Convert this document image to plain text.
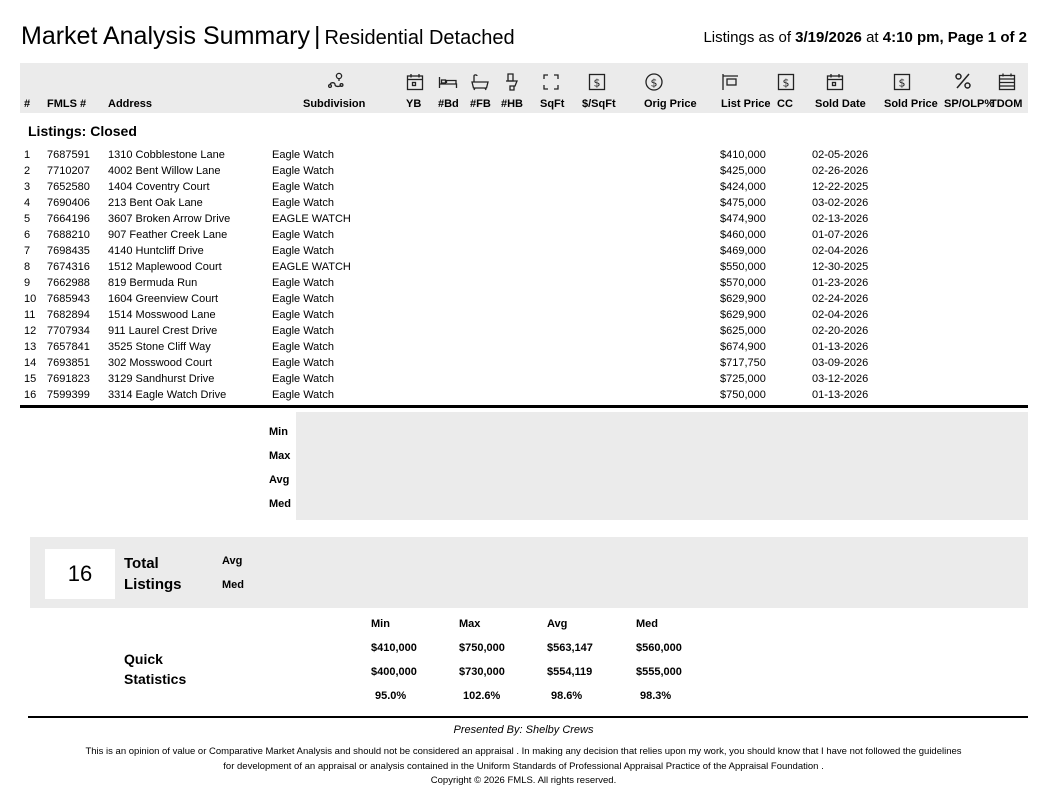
Market Analysis Summary | Residential Detached	Listings as of 3/19/2026 at 4:10 pm, Page 1 of 2
$	$	$	$
# FMLS # Address	Subdivision	YB #Bd #FB #HB SqFt $/SqFt	Orig Price List Price CC Sold Date Sold Price SP/OLP%
TDOM
Listings: Closed
1 7687591 1310 Cobblestone Lane	Eagle Watch	$410,000	02-05-2026
2 7710207 4002 Bent Willow Lane	Eagle Watch	$425,000	02-26-2026
3 7652580 1404 Coventry Court	Eagle Watch	$424,000	12-22-2025
4 7690406 213 Bent Oak Lane	Eagle Watch	$475,000	03-02-2026
5 7664196 3607 Broken Arrow Drive	EAGLE WATCH	$474,900	02-13-2026
6 7688210 907 Feather Creek Lane	Eagle Watch	$460,000	01-07-2026
7 7698435 4140 Huntcliff Drive	Eagle Watch	$469,000	02-04-2026
8 7674316 1512 Maplewood Court	EAGLE WATCH	$550,000	12-30-2025
9 7662988 819 Bermuda Run	Eagle Watch	$570,000	01-23-2026
10 7685943 1604 Greenview Court	Eagle Watch	$629,900	02-24-2026
11 7682894 1514 Mosswood Lane	Eagle Watch	$629,900	02-04-2026
12 7707934 911 Laurel Crest Drive	Eagle Watch	$625,000	02-20-2026
13 7657841 3525 Stone Cliff Way	Eagle Watch	$674,900	01-13-2026
14 7693851 302 Mosswood Court	Eagle Watch	$717,750	03-09-2026
15 7691823 3129 Sandhurst Drive	Eagle Watch	$725,000	03-12-2026
16 7599399 3314 Eagle Watch Drive	Eagle Watch	$750,000	01-13-2026
Min
Max
Avg
Med
16	Total
Listings
Avg
Med
Quick
Statistics
Min	Max	Avg	Med
$410,000	$750,000	$563,147	$560,000
$400,000	$730,000	$554,119	$555,000
95.0%	102.6%	98.6%	98.3%
Presented By: Shelby Crews
This is an opinion of value or Comparative Market Analysis and should not be considered an appraisal . In making any decision that relies upon my work, you should know that I have not followed the guidelines
for development of an appraisal or analysis contained in the Uniform Standards of Professional Appraisal Practice of the Appraisal Foundation .
Copyright © 2026 FMLS. All rights reserved.
